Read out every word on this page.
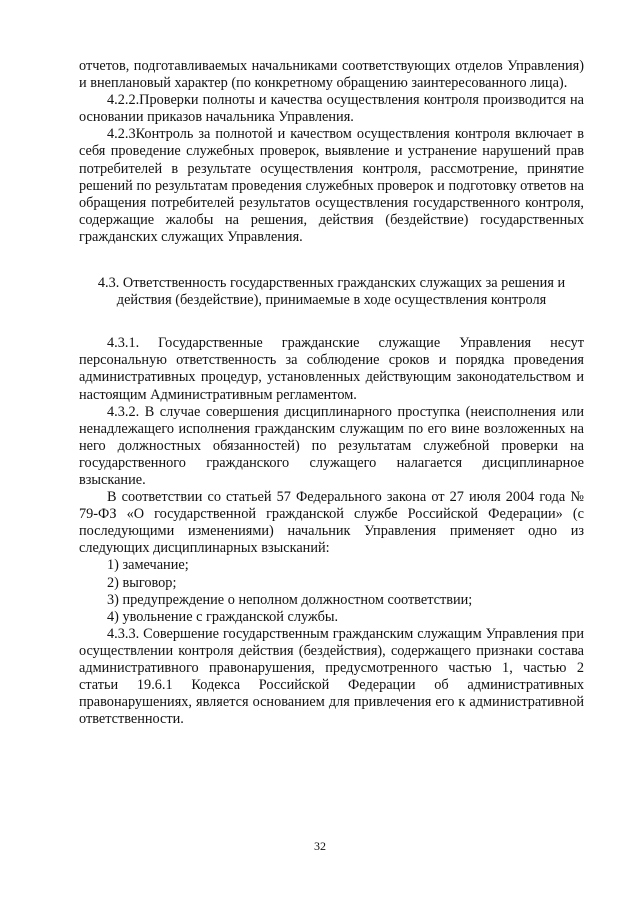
отчетов, подготавливаемых начальниками соответствующих отделов Управления) и внеплановый характер (по конкретному обращению заинтересованного лица).

4.2.2.Проверки полноты и качества осуществления контроля производится на основании приказов начальника Управления.

4.2.3Контроль за полнотой и качеством осуществления контроля включает в себя проведение служебных проверок, выявление и устранение нарушений прав потребителей в результате осуществления контроля, рассмотрение, принятие решений по результатам проведения служебных проверок и подготовку ответов на обращения потребителей результатов осуществления государственного контроля, содержащие жалобы на решения, действия (бездействие) государственных гражданских служащих Управления.

4.3. Ответственность государственных гражданских служащих за решения и действия (бездействие), принимаемые в ходе осуществления контроля

4.3.1. Государственные гражданские служащие Управления несут персональную ответственность за соблюдение сроков и порядка проведения административных процедур, установленных действующим законодательством и настоящим Административным регламентом.

4.3.2. В случае совершения дисциплинарного проступка (неисполнения или ненадлежащего исполнения гражданским служащим по его вине возложенных на него должностных обязанностей) по результатам служебной проверки на государственного гражданского служащего налагается дисциплинарное взыскание.

В соответствии со статьей 57 Федерального закона от 27 июля 2004 года № 79-ФЗ «О государственной гражданской службе Российской Федерации» (с последующими изменениями) начальник Управления применяет одно из следующих дисциплинарных взысканий:

1) замечание;

2) выговор;

3) предупреждение о неполном должностном соответствии;

4) увольнение с гражданской службы.

4.3.3. Совершение государственным гражданским служащим Управления при осуществлении контроля действия (бездействия), содержащего признаки состава административного правонарушения, предусмотренного частью 1, частью 2 статьи 19.6.1 Кодекса Российской Федерации об административных правонарушениях, является основанием для привлечения его к административной ответственности.

32
